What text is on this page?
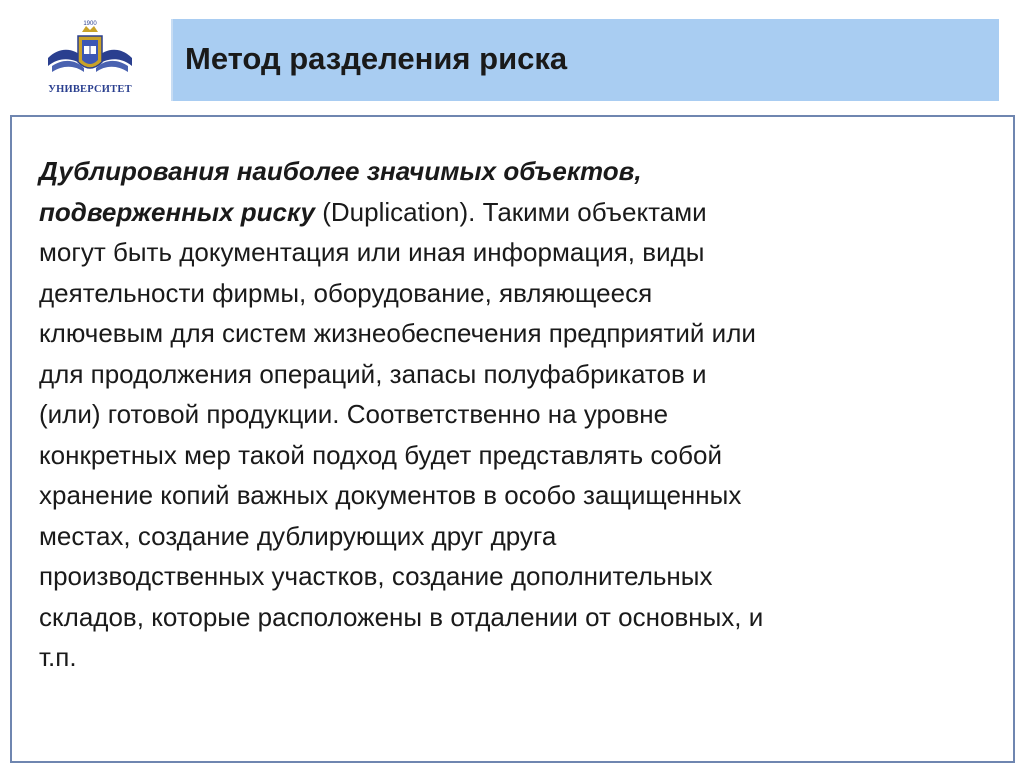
1900
УНИВЕРСИТЕТ
Метод разделения риска
Дублирования наиболее значимых объектов,
подверженных риску (Duplication). Такими объектами
могут быть документация или иная информация, виды
деятельности фирмы, оборудование, являющееся
ключевым для систем жизнеобеспечения предприятий или
для продолжения операций, запасы полуфабрикатов и
(или) готовой продукции. Соответственно на уровне
конкретных мер такой подход будет представлять собой
хранение копий важных документов в особо защищенных
местах, создание дублирующих друг друга
производственных участков, создание дополнительных
складов, которые расположены в отдалении от основных, и
т.п.
